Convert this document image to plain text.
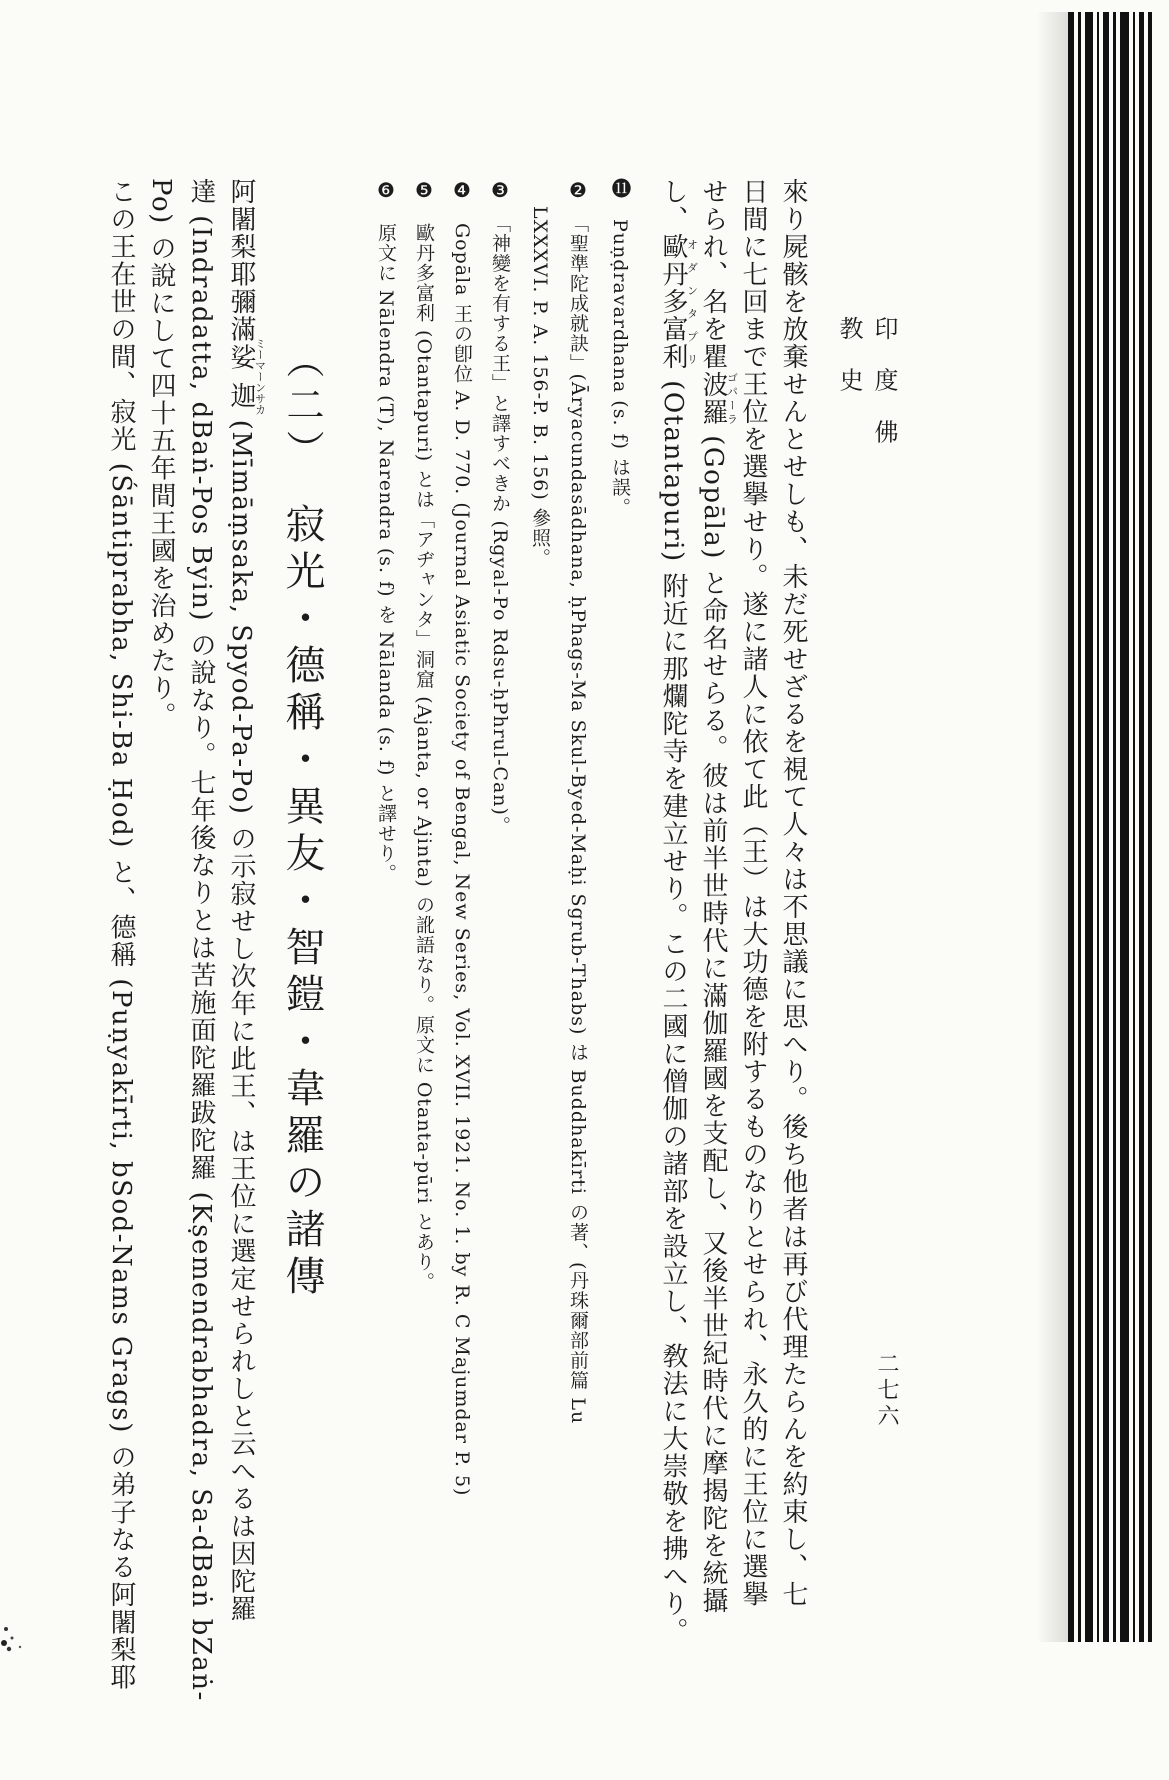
印 度 佛 教 史
二七六
來り屍骸を放棄せんとせしも、未だ死せざるを視て人々は不思議に思へり。後ち他者は再び代理たらんを約束し、七
日間に七回まで王位を選擧せり。遂に諸人に依て此（王）は大功德を附するものなりとせられ、永久的に王位に選擧
せられ、名を瞿波羅ゴパーラ (Gopāla) と命名せらる。彼は前半世時代に滿伽羅國を支配し、又後半世紀時代に摩揭陀を統攝
し、歐丹多富利オダンタプリ (Otantapuri) 附近に那爛陀寺を建立せり。この二國に僧伽の諸部を設立し、敎法に大崇敬を拂へり。
⓫　Puṇḍravardhana (s. f) は誤。
❷　「聖準陀成就訣」(Āryacundasādhana, ḥPhags-Ma Skul-Byed-Maḥi Sgrub-Thabs) は Buddhakīrti の著、(丹珠爾部前篇 Lu
LXXXVI. P. A. 156-P. B. 156) 參照。
❸　「神變を有する王」と譯すべきか (Rgyal-Po Rdsu-ḥPhrul-Can)。
❹　Gopāla 王の卽位 A. D. 770. (Journal Asiatic Society of Bengal, New Series, Vol. XVII. 1921. No. 1. by R. C Majumdar P. 5)
❺　歐丹多富利 (Otantapuri) とは「アヂャンタ」洞窟 (Ajanta, or Ajinta) の訛語なり。原文に Otanta-pūri とあり。
❻　原文に Nālendra (T), Narendra (s. f) を Nālanda (s. f) と譯せり。
（二）　寂光・德稱・異友・智鎧・韋羅の諸傳
阿闍梨耶彌滿娑迦ミーマーンサカ (Mīmāṃsaka, Spyod-Pa-Po) の示寂せし次年に此王、は王位に選定せられしと云へるは因陀羅
達 (Indradatta, dBaṅ-Pos Byin) の說なり。七年後なりとは苦施面陀羅跋陀羅 (Kṣemendrabhadra, Sa-dBaṅ bZaṅ-
Po) の說にして四十五年間王國を治めたり。
この王在世の間、寂光 (Śāntiprabha, Shi-Ba Ḥod) と、德稱 (Puṇyakīrti, bSod-Nams Grags) の弟子なる阿闍梨耶
